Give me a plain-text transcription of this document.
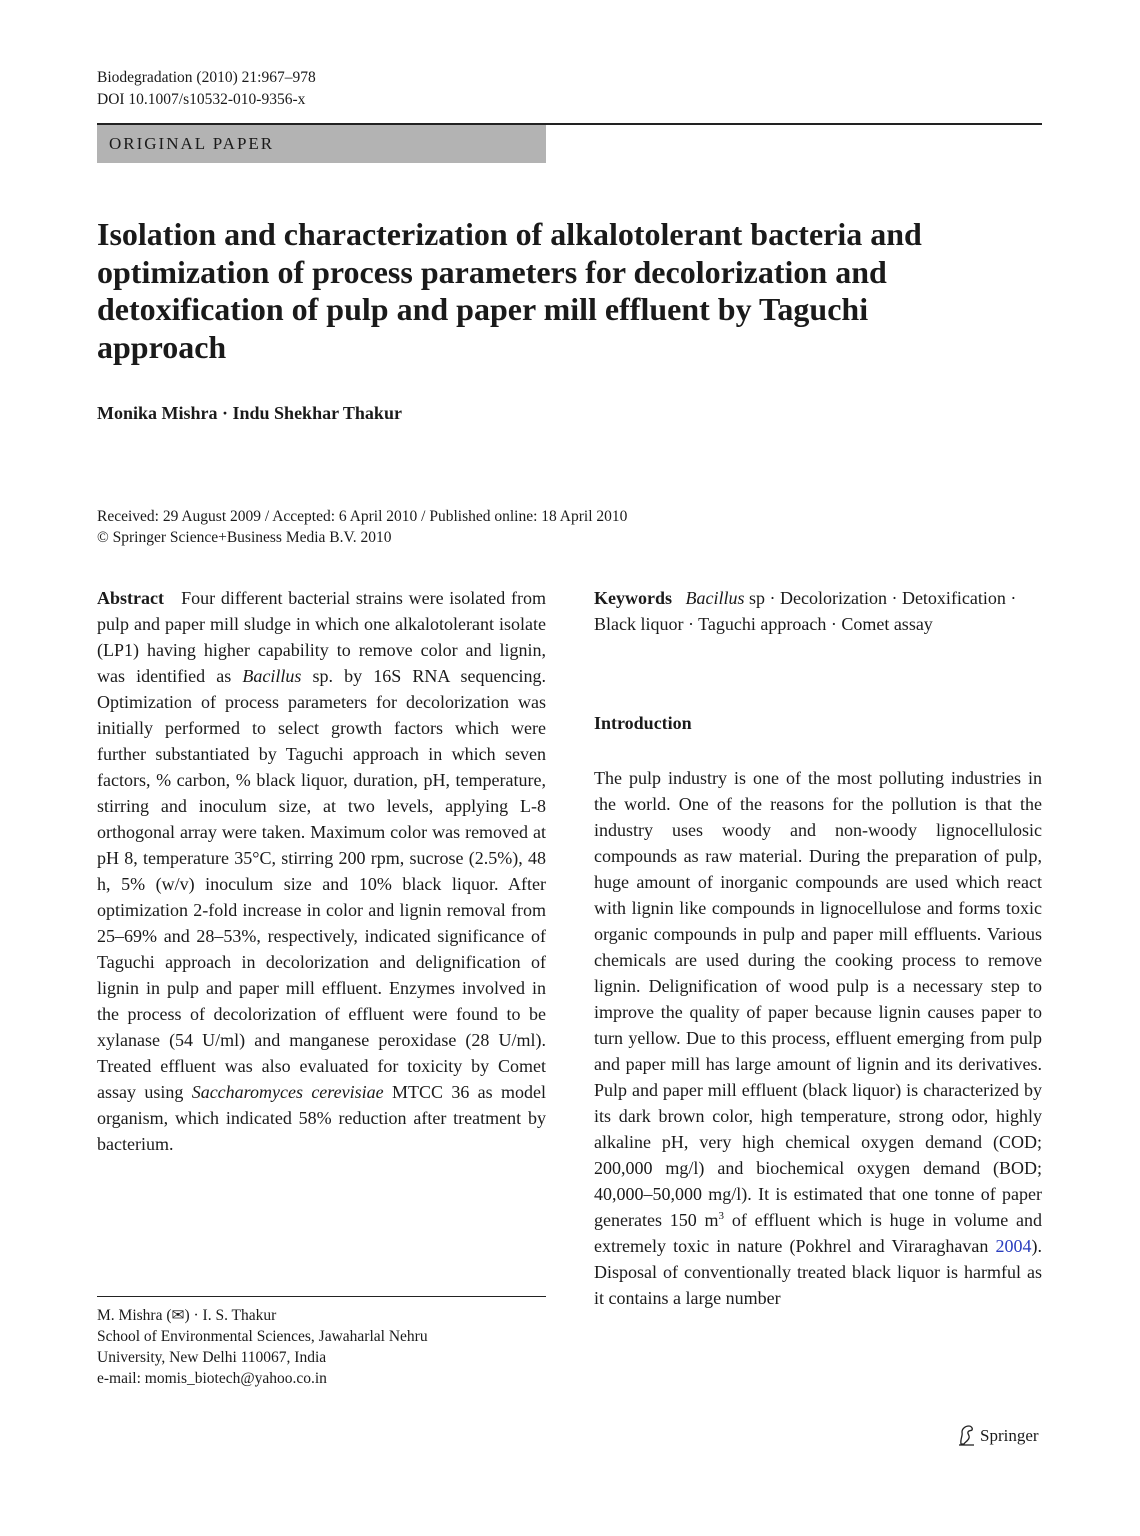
Biodegradation (2010) 21:967–978
DOI 10.1007/s10532-010-9356-x
ORIGINAL PAPER
Isolation and characterization of alkalotolerant bacteria and optimization of process parameters for decolorization and detoxification of pulp and paper mill effluent by Taguchi approach
Monika Mishra · Indu Shekhar Thakur
Received: 29 August 2009 / Accepted: 6 April 2010 / Published online: 18 April 2010
© Springer Science+Business Media B.V. 2010

Abstract Four different bacterial strains were isolated from pulp and paper mill sludge in which one alkalotolerant isolate (LP1) having higher capability to remove color and lignin, was identified as Bacillus sp. by 16S RNA sequencing. Optimization of process parameters for decolorization was initially performed to select growth factors which were further substantiated by Taguchi approach in which seven factors, % carbon, % black liquor, duration, pH, temperature, stirring and inoculum size, at two levels, applying L-8 orthogonal array were taken. Maximum color was removed at pH 8, temperature 35°C, stirring 200 rpm, sucrose (2.5%), 48 h, 5% (w/v) inoculum size and 10% black liquor. After optimization 2-fold increase in color and lignin removal from 25–69% and 28–53%, respectively, indicated significance of Taguchi approach in decolorization and delignification of lignin in pulp and paper mill effluent. Enzymes involved in the process of decolorization of effluent were found to be xylanase (54 U/ml) and manganese peroxidase (28 U/ml). Treated effluent was also evaluated for toxicity by Comet assay using Saccharomyces cerevisiae MTCC 36 as model organism, which indicated 58% reduction after treatment by bacterium.

Keywords Bacillus sp · Decolorization · Detoxification · Black liquor · Taguchi approach · Comet assay

Introduction

The pulp industry is one of the most polluting industries in the world. One of the reasons for the pollution is that the industry uses woody and non-woody lignocellulosic compounds as raw material. During the preparation of pulp, huge amount of inorganic compounds are used which react with lignin like compounds in lignocellulose and forms toxic organic compounds in pulp and paper mill effluents. Various chemicals are used during the cooking process to remove lignin. Delignification of wood pulp is a necessary step to improve the quality of paper because lignin causes paper to turn yellow. Due to this process, effluent emerging from pulp and paper mill has large amount of lignin and its derivatives. Pulp and paper mill effluent (black liquor) is characterized by its dark brown color, high temperature, strong odor, highly alkaline pH, very high chemical oxygen demand (COD; 200,000 mg/l) and biochemical oxygen demand (BOD; 40,000–50,000 mg/l). It is estimated that one tonne of paper generates 150 $m^3$ of effluent which is huge in volume and extremely toxic in nature (Pokhrel and Viraraghavan 2004). Disposal of conventionally treated black liquor is harmful as it contains a large number

M. Mishra (✉) · I. S. Thakur
School of Environmental Sciences, Jawaharlal Nehru
University, New Delhi 110067, India
e-mail: momis_biotech@yahoo.co.in
Springer
